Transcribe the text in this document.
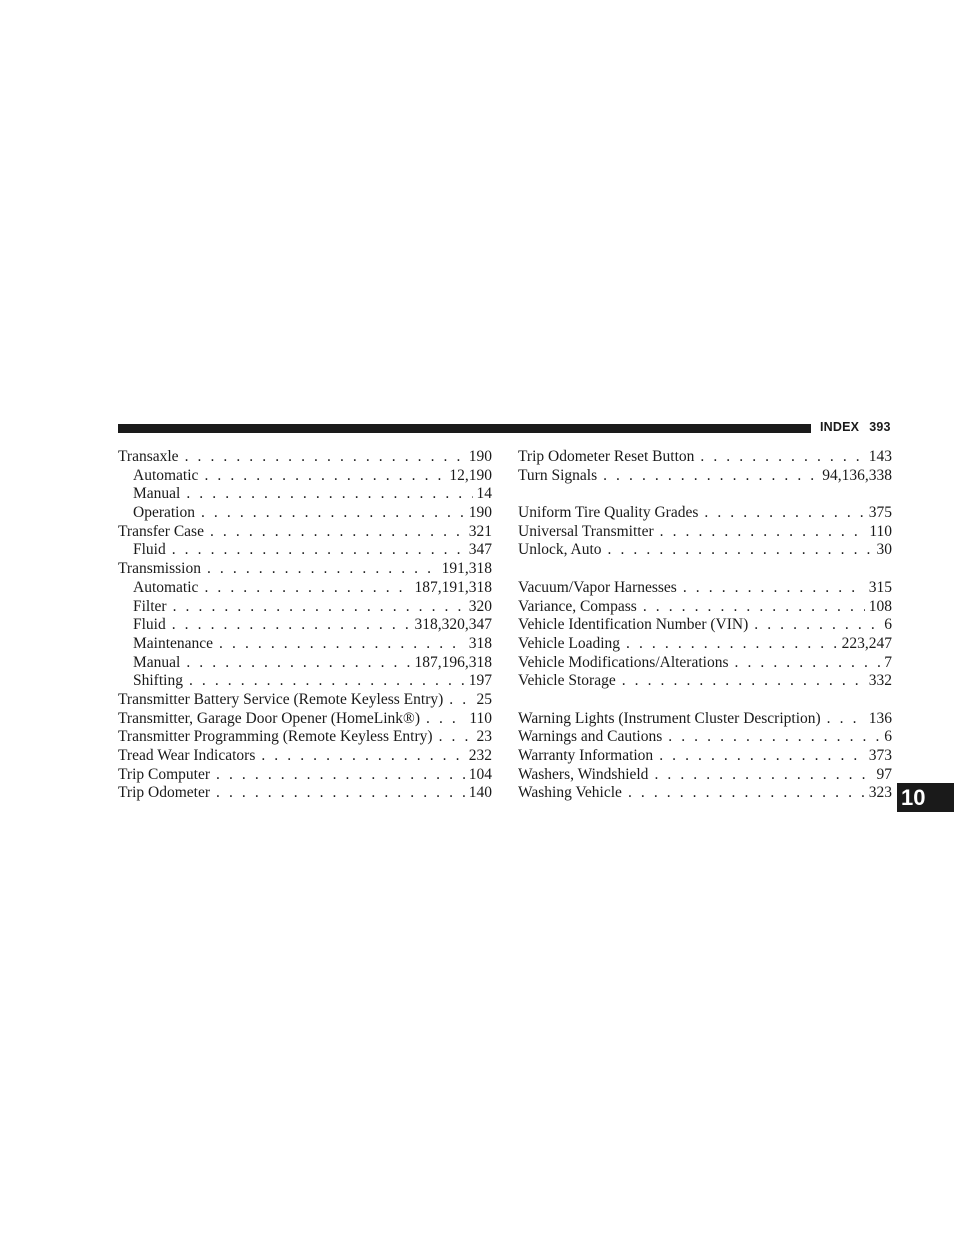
INDEX 393
Transaxle . . .	190
Automatic . . .	12,190
Manual . . .	14
Operation . . .	190
Transfer Case . . .	321
Fluid . . .	347
Transmission . . .	191,318
Automatic . . .	187,191,318
Filter . . .	320
Fluid . . .	318,320,347
Maintenance . . .	318
Manual . . .	187,196,318
Shifting . . .	197
Transmitter Battery Service (Remote Keyless Entry) . . . 25
Transmitter, Garage Door Opener (HomeLink®) . . .	110
Transmitter Programming (Remote Keyless Entry) . . .	23
Tread Wear Indicators . . .	232
Trip Computer . . .	104
Trip Odometer . . .	140
Trip Odometer Reset Button . . .	143
Turn Signals . . .	94,136,338
Uniform Tire Quality Grades . . .	375
Universal Transmitter . . .	110
Unlock, Auto . . .	30
Vacuum/Vapor Harnesses . . .	315
Variance, Compass . . .	108
Vehicle Identification Number (VIN) . . .	6
Vehicle Loading . . .	223,247
Vehicle Modifications/Alterations . . .	7
Vehicle Storage . . .	332
Warning Lights (Instrument Cluster Description) . . .	136
Warnings and Cautions . . .	6
Warranty Information . . .	373
Washers, Windshield . . .	97
Washing Vehicle . . .	323 10
